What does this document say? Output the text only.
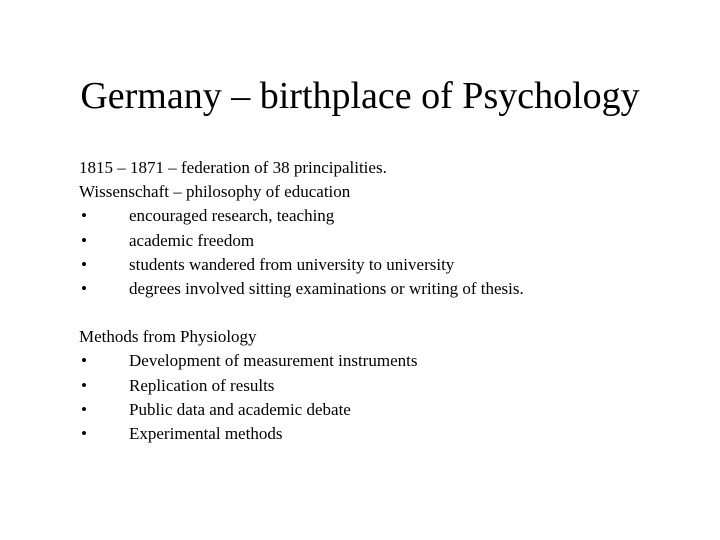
Germany – birthplace of Psychology
1815 – 1871 – federation of 38 principalities.
Wissenschaft – philosophy of education
•	encouraged research, teaching
•	academic freedom
•	students wandered from university to university
•	degrees involved sitting examinations or writing of thesis.
Methods from Physiology
•	Development of measurement instruments
•	Replication of results
•	Public data and academic debate
•	Experimental methods
